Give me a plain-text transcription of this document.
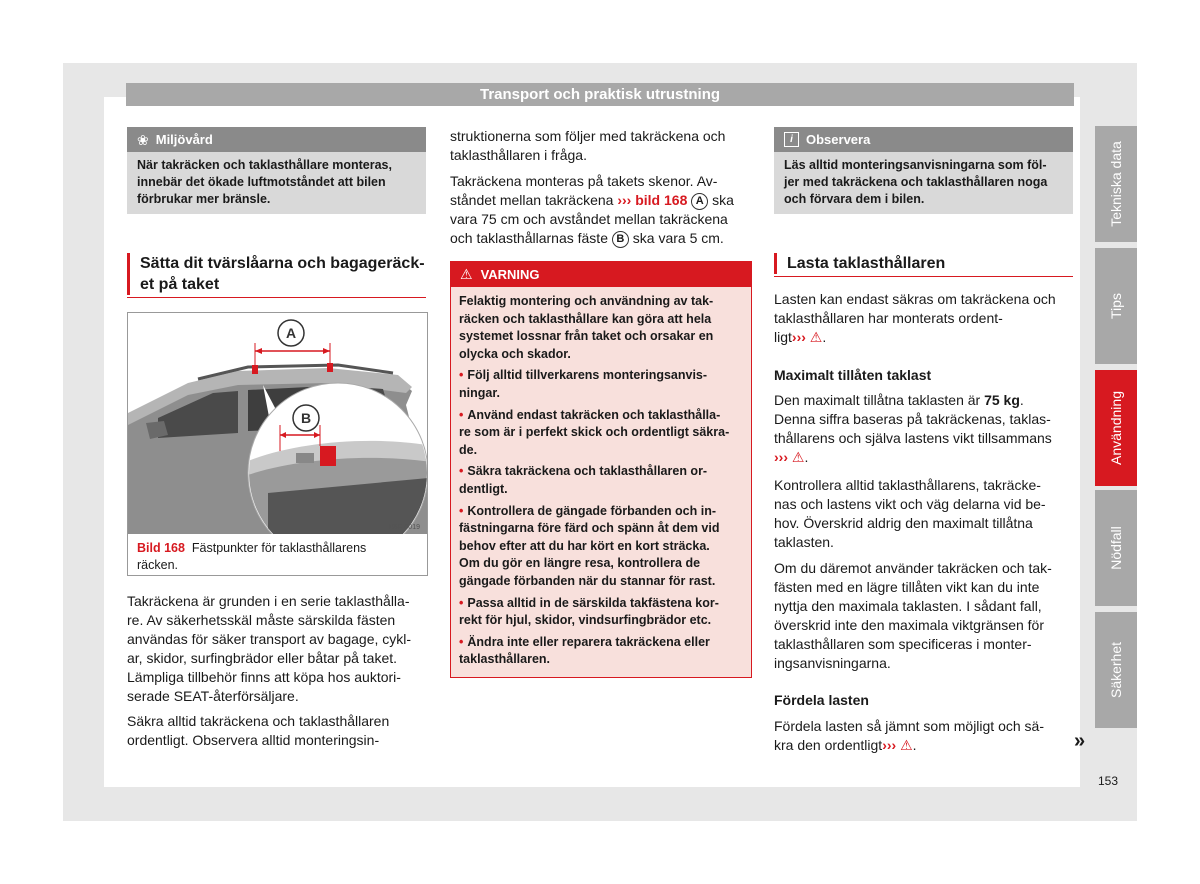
Transport och praktisk utrustning
Tekniska data
Tips
Användning
Nödfall
Säkerhet
❀ Miljövård
När takräcken och taklasthållare monteras,
innebär det ökade luftmotståndet att bilen
förbrukar mer bränsle.
Sätta dit tvärslåarna och bagageräck-
et på taket
A
B
B6F-0019
Bild 168 Fästpunkter för taklasthållarens
räcken.

Takräckena är grunden i en serie taklasthålla-

re. Av säkerhetsskäl måste särskilda fästen

användas för säker transport av bagage, cykl-

ar, skidor, surfingbrädor eller båtar på taket.

Lämpliga tillbehör finns att köpa hos auktori-

serade SEAT-återförsäljare.

Säkra alltid takräckena och taklasthållaren

ordentligt. Observera alltid monteringsin-

struktionerna som följer med takräckena och

taklasthållaren i fråga.

Takräckena monteras på takets skenor. Av-

ståndet mellan takräckena ››› bild 168 A ska

vara 75 cm och avståndet mellan takräckena

och taklasthållarnas fäste B ska vara 5 cm.

⚠ VARNING
Felaktig montering och användning av tak-
räcken och taklasthållare kan göra att hela
systemet lossnar från taket och orsakar en
olycka och skador.
• Följ alltid tillverkarens monteringsanvis-
ningar.
• Använd endast takräcken och taklasthålla-
re som är i perfekt skick och ordentligt säkra-
de.
• Säkra takräckena och taklasthållaren or-
dentligt.
• Kontrollera de gängade förbanden och in-
fästningarna före färd och spänn åt dem vid
behov efter att du har kört en kort sträcka.
Om du gör en längre resa, kontrollera de
gängade förbanden när du stannar för rast.
• Passa alltid in de särskilda takfästena kor-
rekt för hjul, skidor, vindsurfingbrädor etc.
• Ändra inte eller reparera takräckena eller
taklasthållaren.
i	Observera
Läs alltid monteringsanvisningarna som föl-
jer med takräckena och taklasthållaren noga
och förvara dem i bilen.
Lasta taklasthållaren

Lasten kan endast säkras om takräckena och

taklasthållaren har monterats ordent-

ligt››› ⚠.

Maximalt tillåten taklast

Den maximalt tillåtna taklasten är 75 kg.

Denna siffra baseras på takräckenas, taklas-

thållarens och själva lastens vikt tillsammans

››› ⚠.

Kontrollera alltid taklasthållarens, takräcke-

nas och lastens vikt och väg delarna vid be-

hov. Överskrid aldrig den maximalt tillåtna

taklasten.

Om du däremot använder takräcken och tak-

fästen med en lägre tillåten vikt kan du inte

nyttja den maximala taklasten. I sådant fall,

överskrid inte den maximala viktgränsen för

taklasthållaren som specificeras i monter-

ingsanvisningarna.

Fördela lasten

Fördela lasten så jämnt som möjligt och sä-

kra den ordentligt››› ⚠.	»
153
